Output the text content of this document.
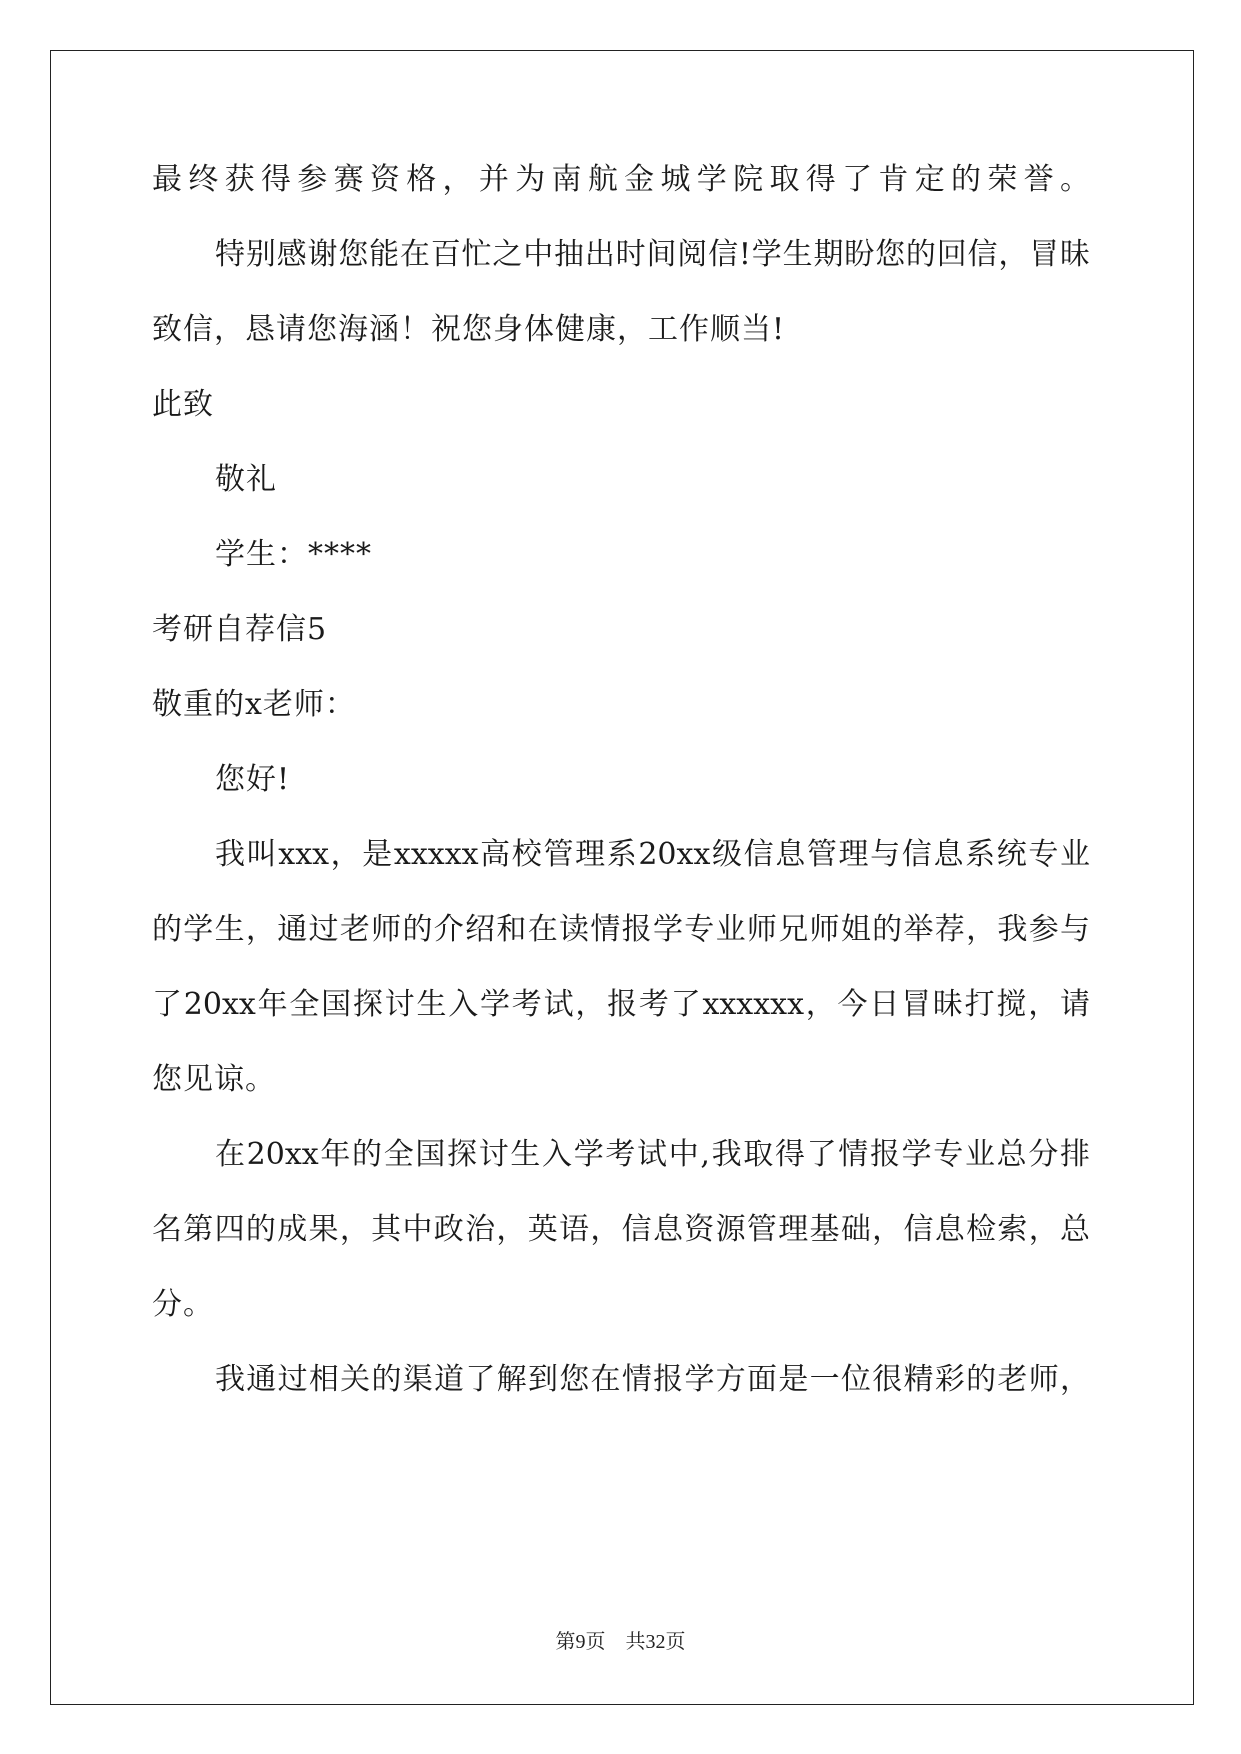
最终获得参赛资格，并为南航金城学院取得了肯定的荣誉。
特别感谢您能在百忙之中抽出时间阅信!学生期盼您的回信，冒昧
致信，恳请您海涵！祝您身体健康，工作顺当!
此致
敬礼
学生：****
考研自荐信5
敬重的x老师：
您好!
我叫xxx，是xxxxx高校管理系20xx级信息管理与信息系统专业
的学生，通过老师的介绍和在读情报学专业师兄师姐的举荐，我参与
了20xx年全国探讨生入学考试，报考了xxxxxx，今日冒昧打搅，请
您见谅。
在20xx年的全国探讨生入学考试中,我取得了情报学专业总分排
名第四的成果，其中政治，英语，信息资源管理基础，信息检索，总
分。
我通过相关的渠道了解到您在情报学方面是一位很精彩的老师，
第9页 共32页
